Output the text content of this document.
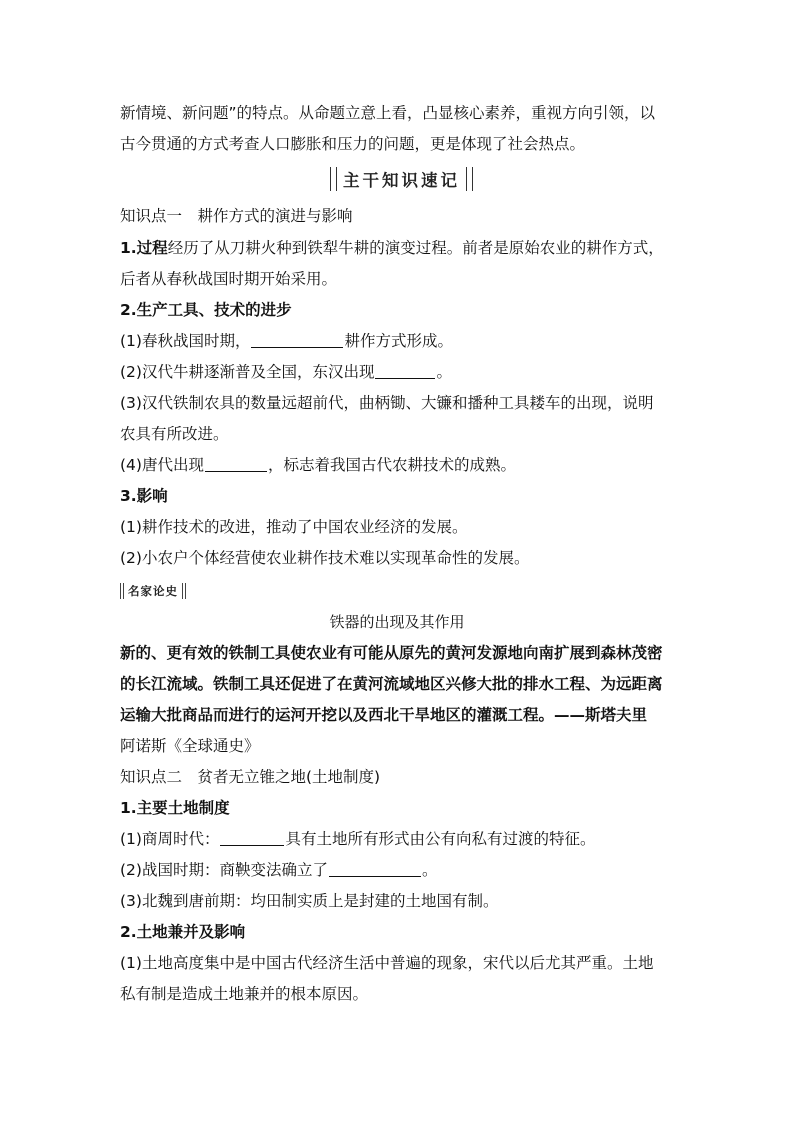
新情境、新问题”的特点。从命题立意上看，凸显核心素养，重视方向引领，以
古今贯通的方式考查人口膨胀和压力的问题，更是体现了社会热点。
主干知识速记
知识点一　耕作方式的演进与影响
1.过程经历了从刀耕火种到铁犁牛耕的演变过程。前者是原始农业的耕作方式，
后者从春秋战国时期开始采用。
2.生产工具、技术的进步
(1)春秋战国时期，	耕作方式形成。
(2)汉代牛耕逐渐普及全国，东汉出现	。
(3)汉代铁制农具的数量远超前代，曲柄锄、大镰和播种工具耧车的出现，说明
农具有所改进。
(4)唐代出现	，标志着我国古代农耕技术的成熟。
3.影响
(1)耕作技术的改进，推动了中国农业经济的发展。
(2)小农户个体经营使农业耕作技术难以实现革命性的发展。
名家论史
铁器的出现及其作用
新的、更有效的铁制工具使农业有可能从原先的黄河发源地向南扩展到森林茂密
的长江流域。铁制工具还促进了在黄河流域地区兴修大批的排水工程、为远距离
运输大批商品而进行的运河开挖以及西北干旱地区的灌溉工程。——斯塔夫里
阿诺斯《全球通史》
知识点二　贫者无立锥之地(土地制度)
1.主要土地制度
(1)商周时代：	具有土地所有形式由公有向私有过渡的特征。
(2)战国时期：商鞅变法确立了	。
(3)北魏到唐前期：均田制实质上是封建的土地国有制。
2.土地兼并及影响
(1)土地高度集中是中国古代经济生活中普遍的现象，宋代以后尤其严重。土地
私有制是造成土地兼并的根本原因。
